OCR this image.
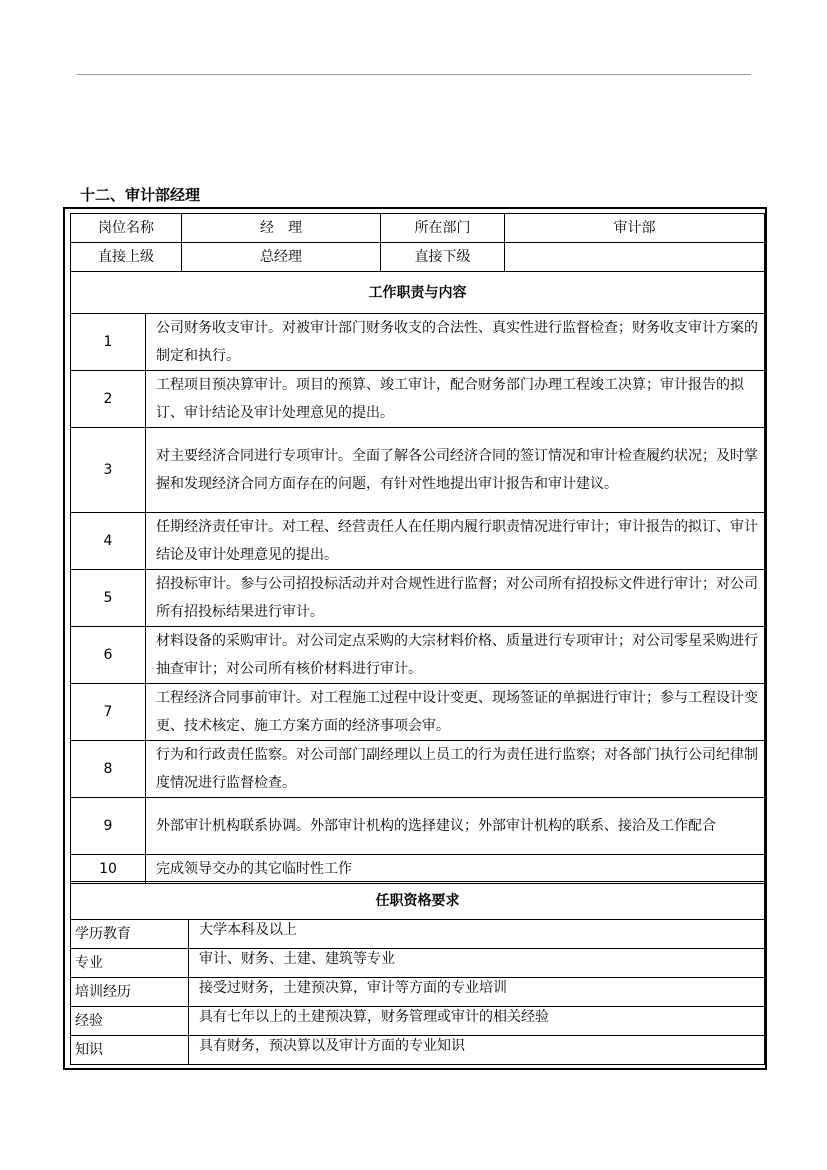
十二、审计部经理
岗位名称		经　理	所在部门	审计部
直接上级		总经理	直接下级	
工作职责与内容				
1	公司财务收支审计。对被审计部门财务收支的合法性、真实性进行监督检查；财务收支审计方案的制定和执行。			
2	工程项目预决算审计。项目的预算、竣工审计，配合财务部门办理工程竣工决算；审计报告的拟订、审计结论及审计处理意见的提出。			
3	对主要经济合同进行专项审计。全面了解各公司经济合同的签订情况和审计检查履约状况；及时掌握和发现经济合同方面存在的问题，有针对性地提出审计报告和审计建议。			
4	任期经济责任审计。对工程、经营责任人在任期内履行职责情况进行审计；审计报告的拟订、审计结论及审计处理意见的提出。			
5	招投标审计。参与公司招投标活动并对合规性进行监督；对公司所有招投标文件进行审计；对公司所有招投标结果进行审计。			
6	材料设备的采购审计。对公司定点采购的大宗材料价格、质量进行专项审计；对公司零星采购进行抽查审计；对公司所有核价材料进行审计。			
7	工程经济合同事前审计。对工程施工过程中设计变更、现场签证的单据进行审计；参与工程设计变更、技术核定、施工方案方面的经济事项会审。			
8	行为和行政责任监察。对公司部门副经理以上员工的行为责任进行监察；对各部门执行公司纪律制度情况进行监督检查。			
9	外部审计机构联系协调。外部审计机构的选择建议；外部审计机构的联系、接洽及工作配合			
10	完成领导交办的其它临时性工作			
任职资格要求	
学历教育	大学本科及以上
专业	审计、财务、土建、建筑等专业
培训经历	接受过财务，土建预决算，审计等方面的专业培训
经验	具有七年以上的土建预决算，财务管理或审计的相关经验
知识	具有财务，预决算以及审计方面的专业知识
